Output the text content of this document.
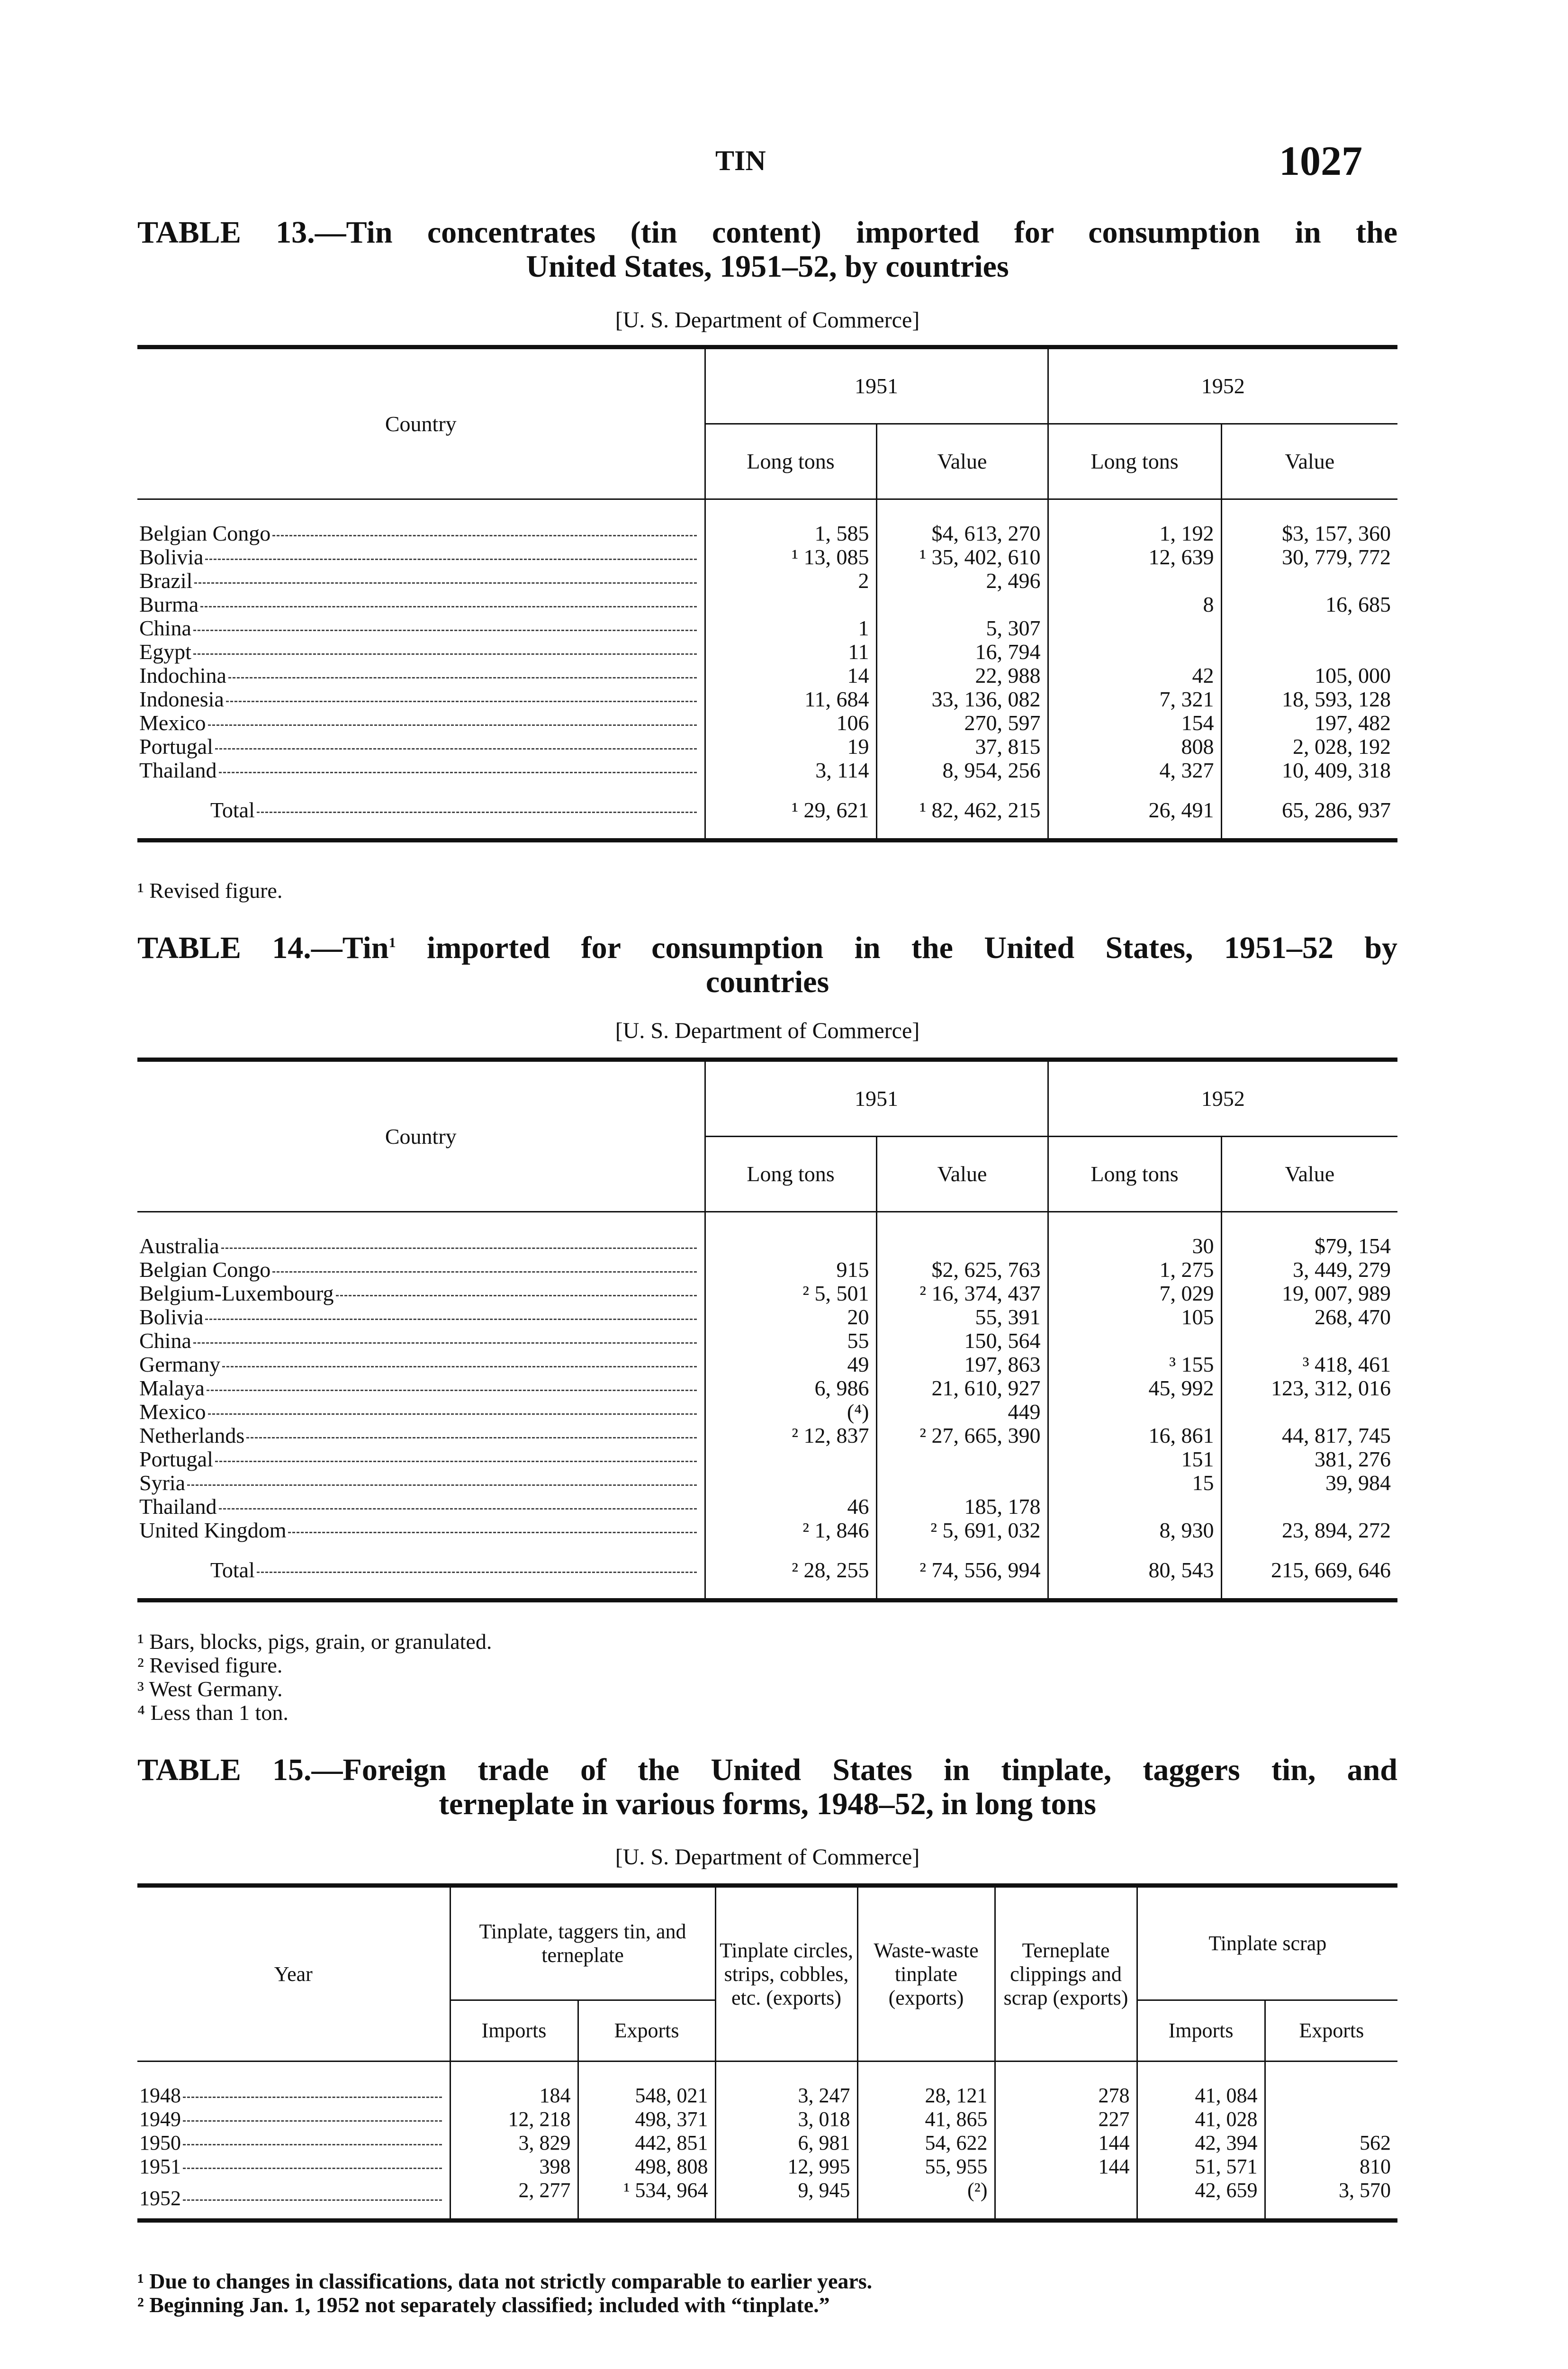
TIN	1027
TABLE 13.—Tin concentrates (tin content) imported for consumption in the
United States, 1951–52, by countries
[U. S. Department of Commerce]
Country	1951		1952	
	Long tons	Value	Long tons	Value

Belgian Congo	1, 585	$4, 613, 270	1, 192	$3, 157, 360
Bolivia	¹ 13, 085	¹ 35, 402, 610	12, 639	30, 779, 772
Brazil	2	2, 496		
Burma			8	16, 685
China	1	5, 307		
Egypt	11	16, 794		
Indochina	14	22, 988	42	105, 000
Indonesia	11, 684	33, 136, 082	7, 321	18, 593, 128
Mexico	106	270, 597	154	197, 482
Portugal	19	37, 815	808	2, 028, 192
Thailand	3, 114	8, 954, 256	4, 327	10, 409, 318
Total	¹ 29, 621	¹ 82, 462, 215	26, 491	65, 286, 937
¹ Revised figure.
TABLE 14.—Tin$^1$ imported for consumption in the United States, 1951–52 by
countries
[U. S. Department of Commerce]
Country	1951		1952	
	Long tons	Value	Long tons	Value

Australia			30	$79, 154
Belgian Congo	915	$2, 625, 763	1, 275	3, 449, 279
Belgium-Luxembourg	² 5, 501	² 16, 374, 437	7, 029	19, 007, 989
Bolivia	20	55, 391	105	268, 470
China	55	150, 564		
Germany	49	197, 863	³ 155	³ 418, 461
Malaya	6, 986	21, 610, 927	45, 992	123, 312, 016
Mexico	(⁴)	449		
Netherlands	² 12, 837	² 27, 665, 390	16, 861	44, 817, 745
Portugal			151	381, 276
Syria			15	39, 984
Thailand	46	185, 178		
United Kingdom	² 1, 846	² 5, 691, 032	8, 930	23, 894, 272
Total	² 28, 255	² 74, 556, 994	80, 543	215, 669, 646
¹ Bars, blocks, pigs, grain, or granulated.
² Revised figure.
³ West Germany.
⁴ Less than 1 ton.
TABLE 15.—Foreign trade of the United States in tinplate, taggers tin, and
terneplate in various forms, 1948–52, in long tons
[U. S. Department of Commerce]
Year	Tinplate, taggers tin, and terneplate		Tinplate circles, strips, cobbles, etc. (exports)	Waste-waste tinplate (exports)	Terneplate clippings and scrap (exports)	Tinplate scrap	
	Imports	Exports				Imports	Exports

1948	184	548, 021	3, 247	28, 121	278	41, 084	
1949	12, 218	498, 371	3, 018	41, 865	227	41, 028	
1950	3, 829	442, 851	6, 981	54, 622	144	42, 394	562
1951	398	498, 808	12, 995	55, 955	144	51, 571	810
1952	2, 277	¹ 534, 964	9, 945	(²)		42, 659	3, 570
¹ Due to changes in classifications, data not strictly comparable to earlier years.
² Beginning Jan. 1, 1952 not separately classified; included with “tinplate.”
